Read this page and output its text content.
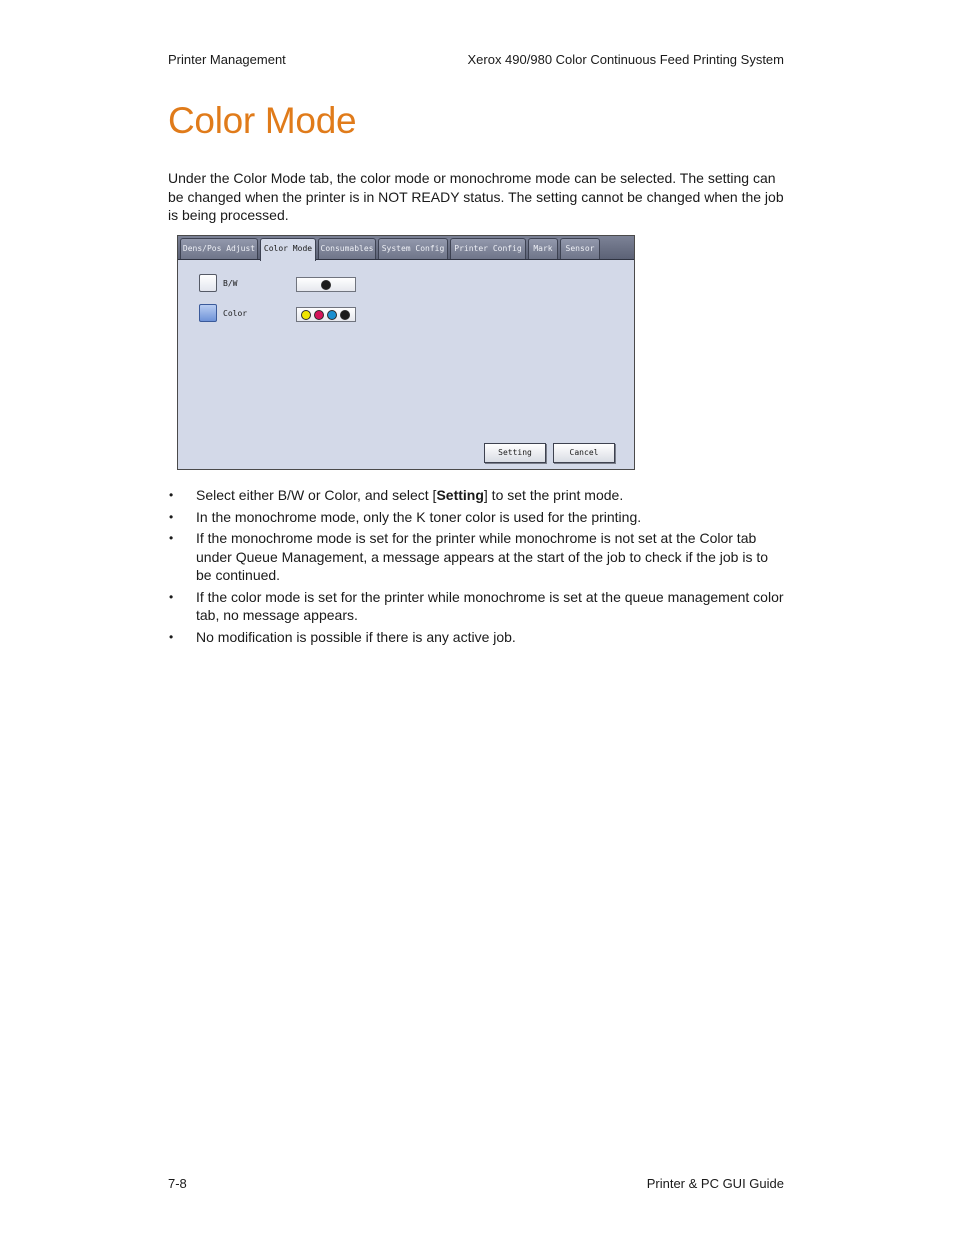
Printer Management	Xerox 490/980 Color Continuous Feed Printing System
Color Mode

Under the Color Mode tab, the color mode or monochrome mode can be selected. The setting can be changed when the printer is in NOT READY status. The setting cannot be changed when the job is being processed.

Dens/Pos Adjust	Color Mode	Consumables	System Config	Printer Config	Mark	Sensor
B/W
Color
Setting	Cancel
• Select either B/W or Color, and select [Setting] to set the print mode.
• In the monochrome mode, only the K toner color is used for the printing.
• If the monochrome mode is set for the printer while monochrome is not set at the Color tab under Queue Management, a message appears at the start of the job to check if the job is to be continued.
• If the color mode is set for the printer while monochrome is set at the queue management color tab, no message appears.
• No modification is possible if there is any active job.
7-8	Printer & PC GUI Guide
